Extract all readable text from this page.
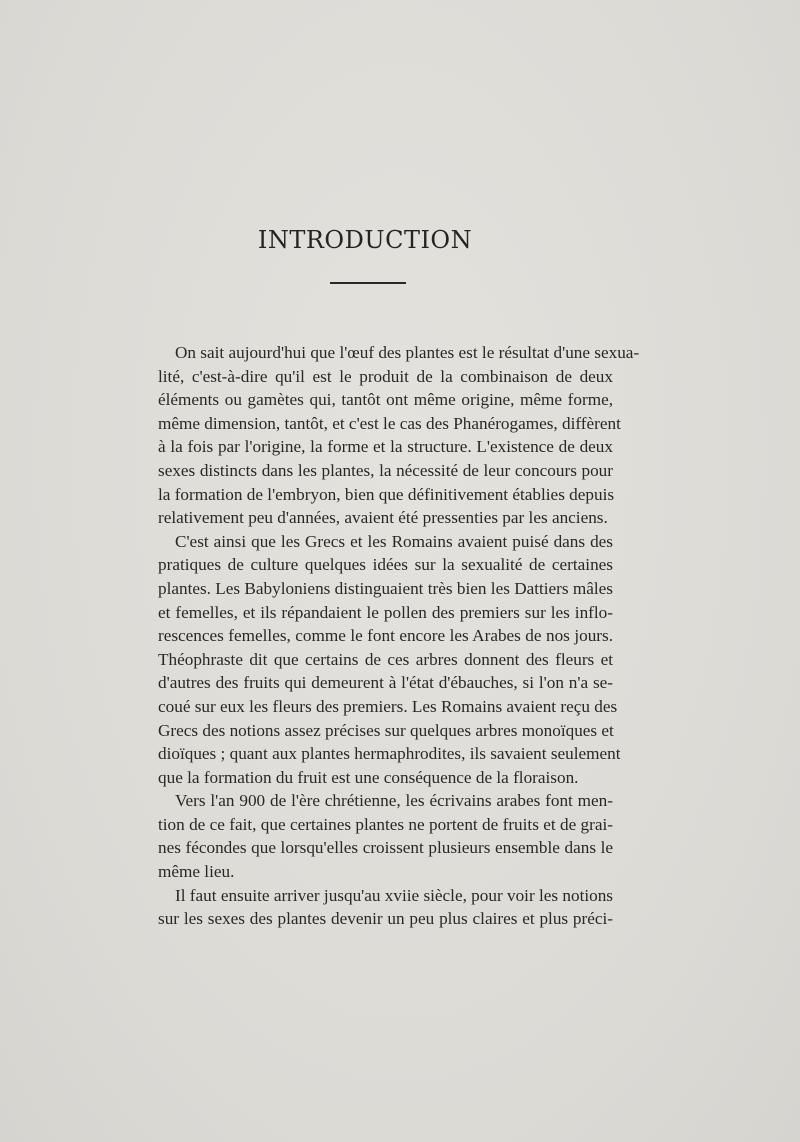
INTRODUCTION

On sait aujourd'hui que l'œuf des plantes est le résultat d'une sexua-
lité, c'est-à-dire qu'il est le produit de la combinaison de deux
éléments ou gamètes qui, tantôt ont même origine, même forme,
même dimension, tantôt, et c'est le cas des Phanérogames, diffèrent
à la fois par l'origine, la forme et la structure. L'existence de deux
sexes distincts dans les plantes, la nécessité de leur concours pour
la formation de l'embryon, bien que définitivement établies depuis
relativement peu d'années, avaient été pressenties par les anciens.

C'est ainsi que les Grecs et les Romains avaient puisé dans des
pratiques de culture quelques idées sur la sexualité de certaines
plantes. Les Babyloniens distinguaient très bien les Dattiers mâles
et femelles, et ils répandaient le pollen des premiers sur les inflo-
rescences femelles, comme le font encore les Arabes de nos jours.
Théophraste dit que certains de ces arbres donnent des fleurs et
d'autres des fruits qui demeurent à l'état d'ébauches, si l'on n'a se-
coué sur eux les fleurs des premiers. Les Romains avaient reçu des
Grecs des notions assez précises sur quelques arbres monoïques et
dioïques ; quant aux plantes hermaphrodites, ils savaient seulement
que la formation du fruit est une conséquence de la floraison.

Vers l'an 900 de l'ère chrétienne, les écrivains arabes font men-
tion de ce fait, que certaines plantes ne portent de fruits et de grai-
nes fécondes que lorsqu'elles croissent plusieurs ensemble dans le
même lieu.

Il faut ensuite arriver jusqu'au xviie siècle, pour voir les notions
sur les sexes des plantes devenir un peu plus claires et plus préci-
